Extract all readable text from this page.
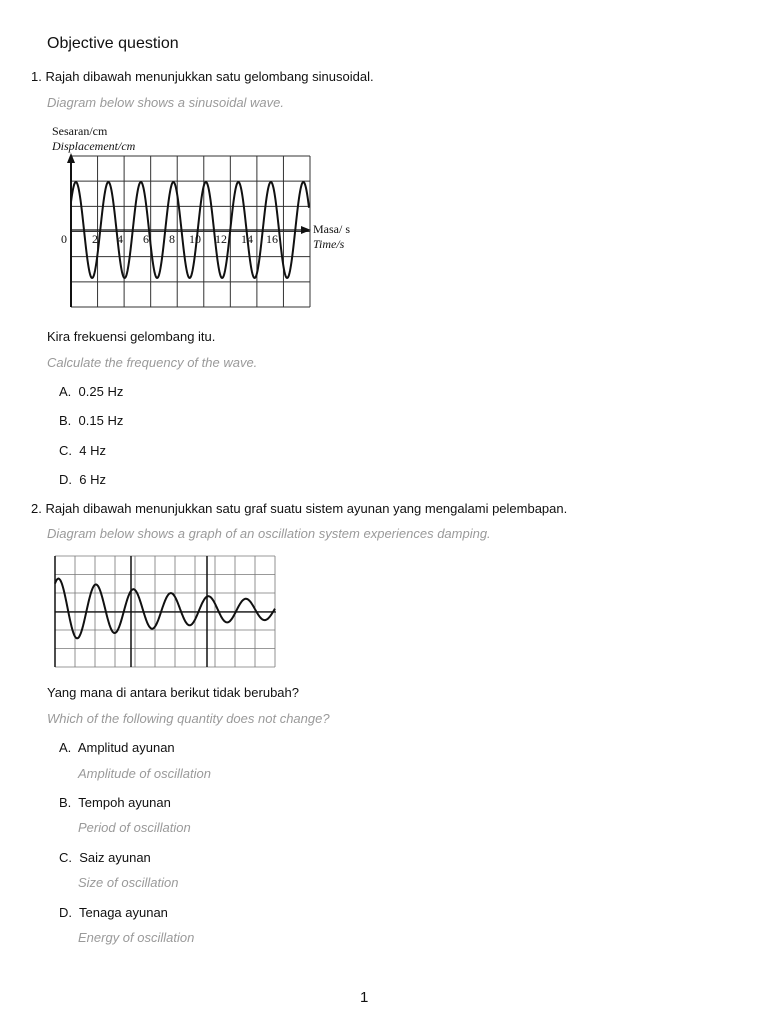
Objective question
1. Rajah dibawah menunjukkan satu gelombang sinusoidal.
Diagram below shows a sinusoidal wave.
Sesaran/cm
Displacement/cm
0 2 4 6 8 10 12 14 16
Masa/ s
Time/s
Kira frekuensi gelombang itu.
Calculate the frequency of the wave.
A. 0.25 Hz
B. 0.15 Hz
C. 4 Hz
D. 6 Hz
2. Rajah dibawah menunjukkan satu graf suatu sistem ayunan yang mengalami pelembapan.
Diagram below shows a graph of an oscillation system experiences damping.
Yang mana di antara berikut tidak berubah?
Which of the following quantity does not change?
A. Amplitud ayunan
Amplitude of oscillation
B. Tempoh ayunan
Period of oscillation
C. Saiz ayunan
Size of oscillation
D. Tenaga ayunan
Energy of oscillation
1
